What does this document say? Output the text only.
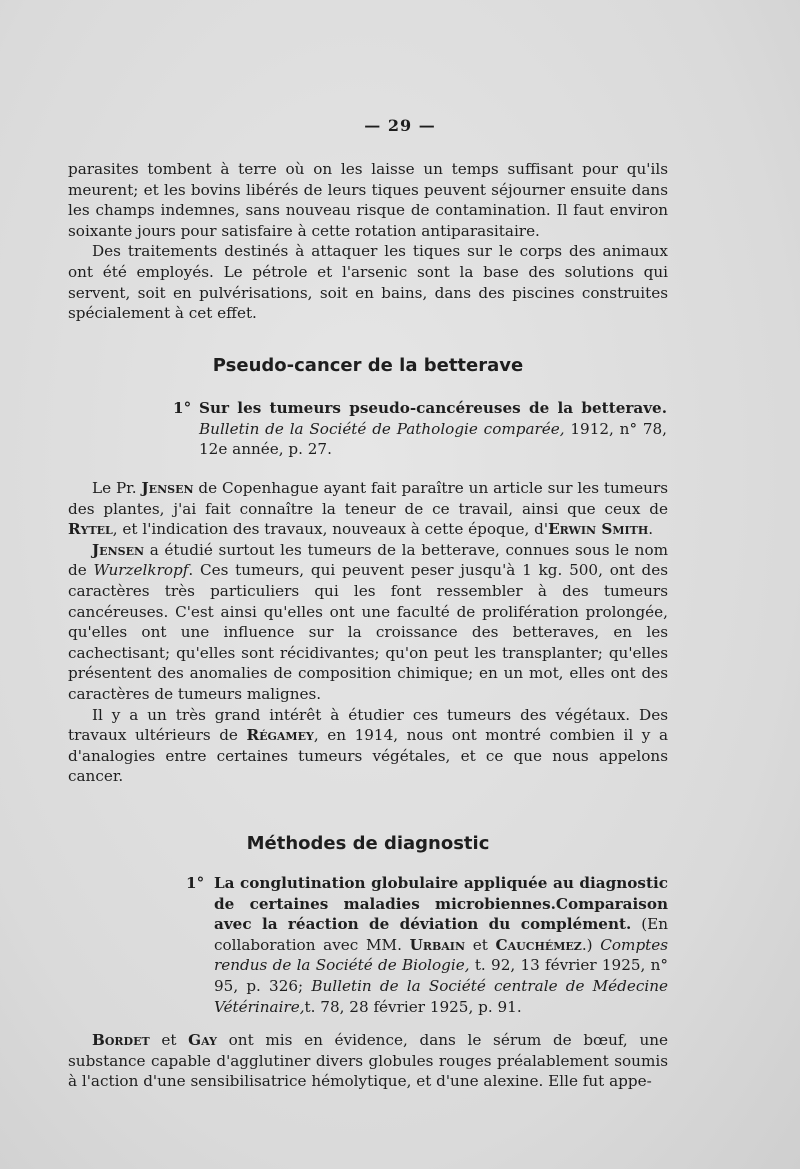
— 29 —

parasites tombent à terre où on les laisse un temps suffisant pour qu'ils meurent; et les bovins libérés de leurs tiques peuvent séjourner ensuite dans les champs indemnes, sans nouveau risque de contamination. Il faut environ soixante jours pour satisfaire à cette rotation antiparasitaire.

Des traitements destinés à attaquer les tiques sur le corps des animaux ont été employés. Le pétrole et l'arsenic sont la base des solutions qui servent, soit en pulvérisations, soit en bains, dans des piscines construites spécialement à cet effet.

Pseudo-cancer de la betterave
1° Sur les tumeurs pseudo-cancéreuses de la betterave. Bulletin de la Société de Pathologie comparée, 1912, n° 78, 12e année, p. 27.

Le Pr. Jensen de Copenhague ayant fait paraître un article sur les tumeurs des plantes, j'ai fait connaître la teneur de ce travail, ainsi que ceux de Rytel, et l'indication des travaux, nouveaux à cette époque, d'Erwin Smith.

Jensen a étudié surtout les tumeurs de la betterave, connues sous le nom de Wurzelkropf. Ces tumeurs, qui peuvent peser jusqu'à 1 kg. 500, ont des caractères très particuliers qui les font ressembler à des tumeurs cancéreuses. C'est ainsi qu'elles ont une faculté de prolifération prolongée, qu'elles ont une influence sur la croissance des betteraves, en les cachectisant; qu'elles sont récidivantes; qu'on peut les transplanter; qu'elles présentent des anomalies de composition chimique; en un mot, elles ont des caractères de tumeurs malignes.

Il y a un très grand intérêt à étudier ces tumeurs des végétaux. Des travaux ultérieurs de Régamey, en 1914, nous ont montré combien il y a d'analogies entre certaines tumeurs végétales, et ce que nous appelons cancer.

Méthodes de diagnostic
1° La conglutination globulaire appliquée au diagnostic de certaines maladies microbiennes.Comparaison avec la réaction de déviation du complément. (En collaboration avec MM. Urbain et Cauchémez.) Comptes rendus de la Société de Biologie, t. 92, 13 février 1925, n° 95, p. 326; Bulletin de la Société centrale de Médecine Vétérinaire,t. 78, 28 février 1925, p. 91.

Bordet et Gay ont mis en évidence, dans le sérum de bœuf, une substance capable d'agglutiner divers globules rouges préalablement soumis à l'action d'une sensibilisatrice hémolytique, et d'une alexine. Elle fut appe-
